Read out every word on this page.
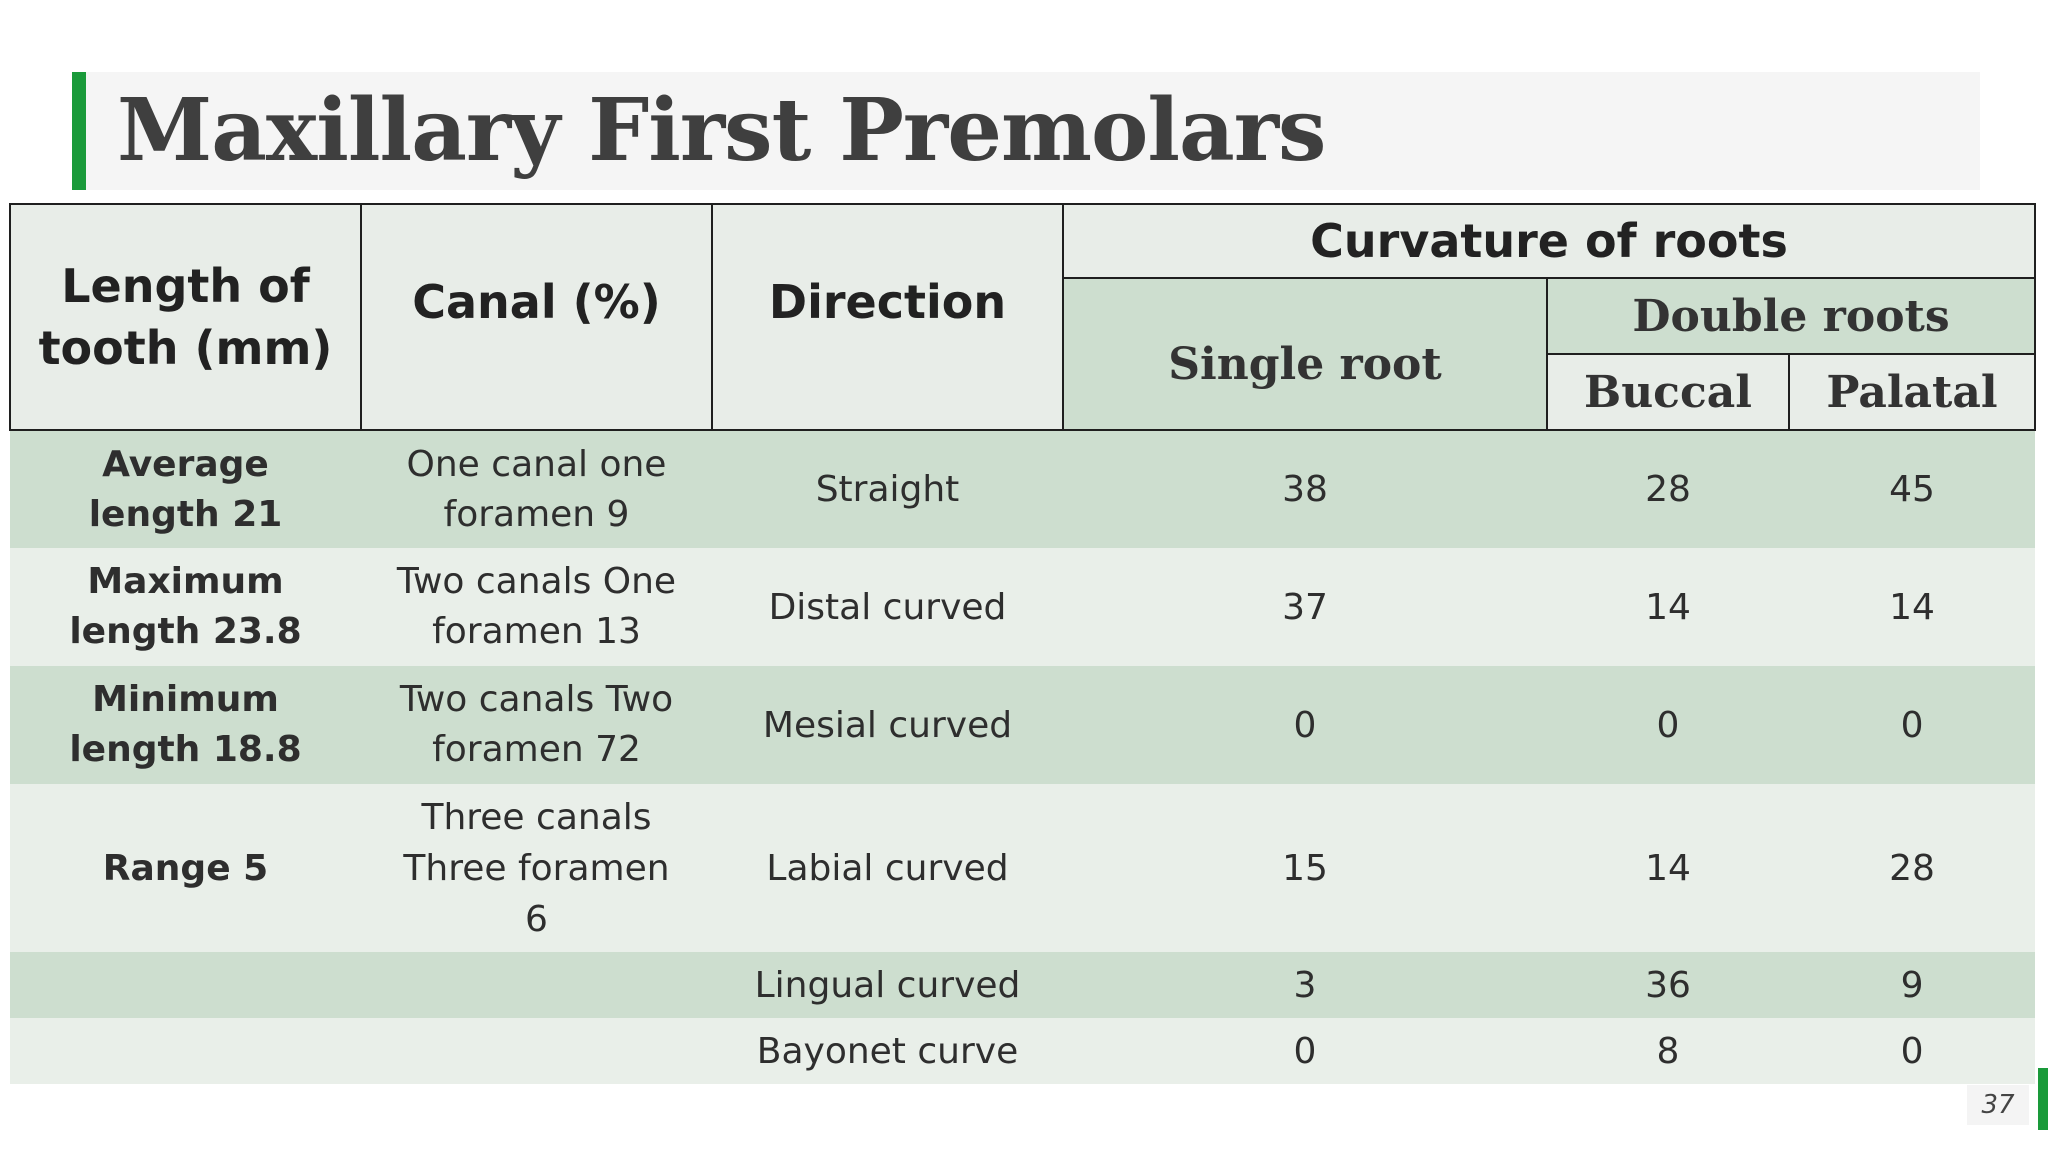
Maxillary First Premolars
Length of tooth (mm)	Canal (%)	Direction	Curvature of roots		
			Single root	Double roots	
				Buccal	Palatal

Average length 21	One canal one foramen 9	Straight	38	28	45

Maximum length 23.8	Two canals One foramen 13	Distal curved	37	14	14

Minimum length 18.8	Two canals Two foramen 72	Mesial curved	0	0	0
Range 5	Three canals Three foramen 6	Labial curved	15	14	28
		Lingual curved	3	36	9
		Bayonet curve	0	8	0
37
